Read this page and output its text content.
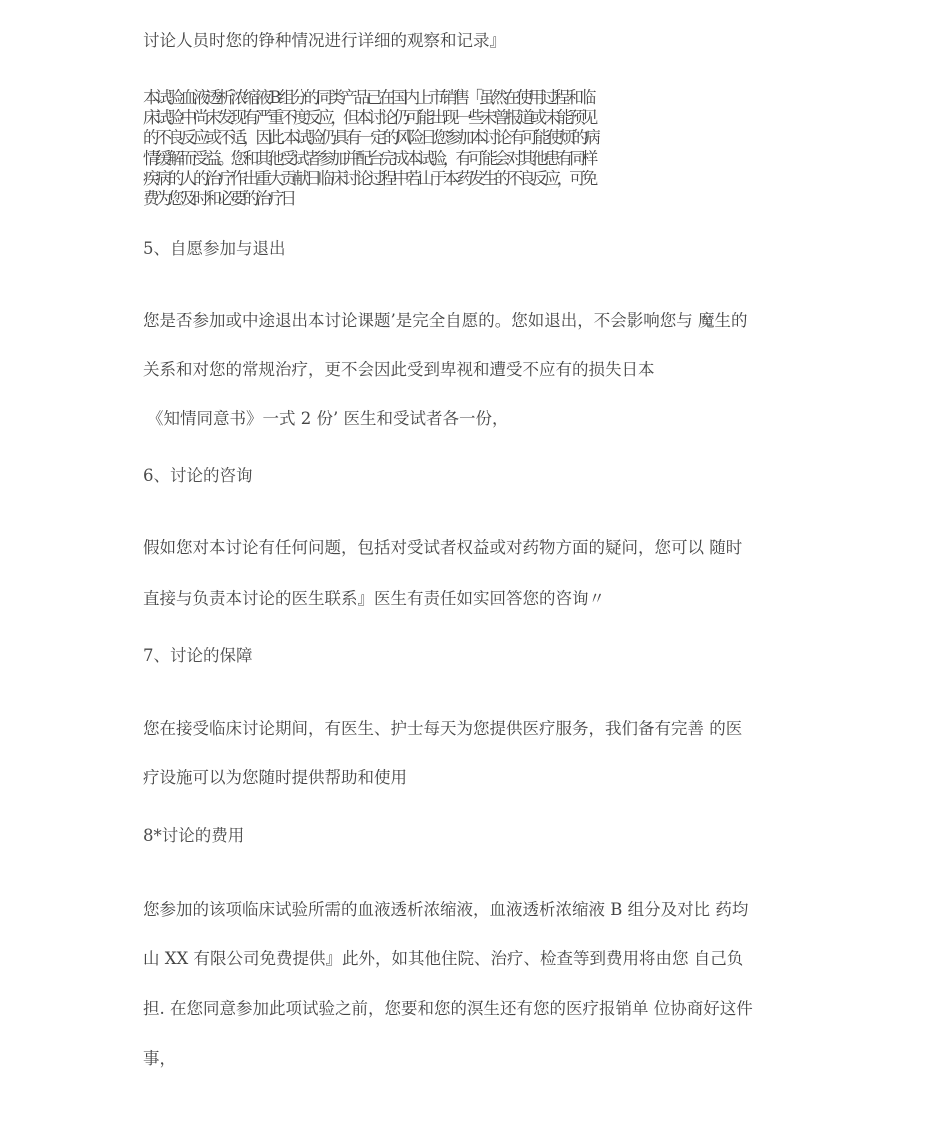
讨论人员时您的铮种情况进行详细的观察和记录』
本试验血液透析浓缩液 B 组分的同类产品已在国内上市销售「虽然在使用过程 和临
床试验中尚未发现有严重不度反应，但本讨论仍可能出现一些未曾报道或 未能预见
的不良反应或不适，因此. 本试验仍具有一定的风险日您参加本讨论 有可能使烦的病
情缓解而受益。您和其他受试者参加并配台完成本试验，有可 能会对其他患有同样
疾病的人的治疗作出重大贡献日临床讨论过程中若山于本 药发生的不良反应，可免
费为您及时和必要的治疗日
5、自愿参加与退出
您是否参加或中途退出本讨论课题’是完全自愿的。您如退出，不会影响您与 魔生的
关系和对您的常规治疗，更不会因此受到卑视和遭受不应有的损失日本
《知情同意书》一式 2 份’ 医生和受试者各一份，
6、讨论的咨询
假如您对本讨论有任何问题，包括对受试者权益或对药物方面的疑问，您可以 随时
直接与负责本讨论的医生联系』医生有责任如实回答您的咨询〃
7、讨论的保障
您在接受临床讨论期间，有医生、护士每天为您提供医疗服务，我们备有完善 的医
疗设施可以为您随时提供帮助和使用
8*讨论的费用
您参加的该项临床试验所需的血液透析浓缩液，血液透析浓缩液 B 组分及对比 药均
山 XX 有限公司免费提供』此外，如其他住院、治疗、检查等到费用将由您 自己负
担. 在您同意参加此项试验之前，您要和您的溟生还有您的医疗报销单 位协商好这件
事，
